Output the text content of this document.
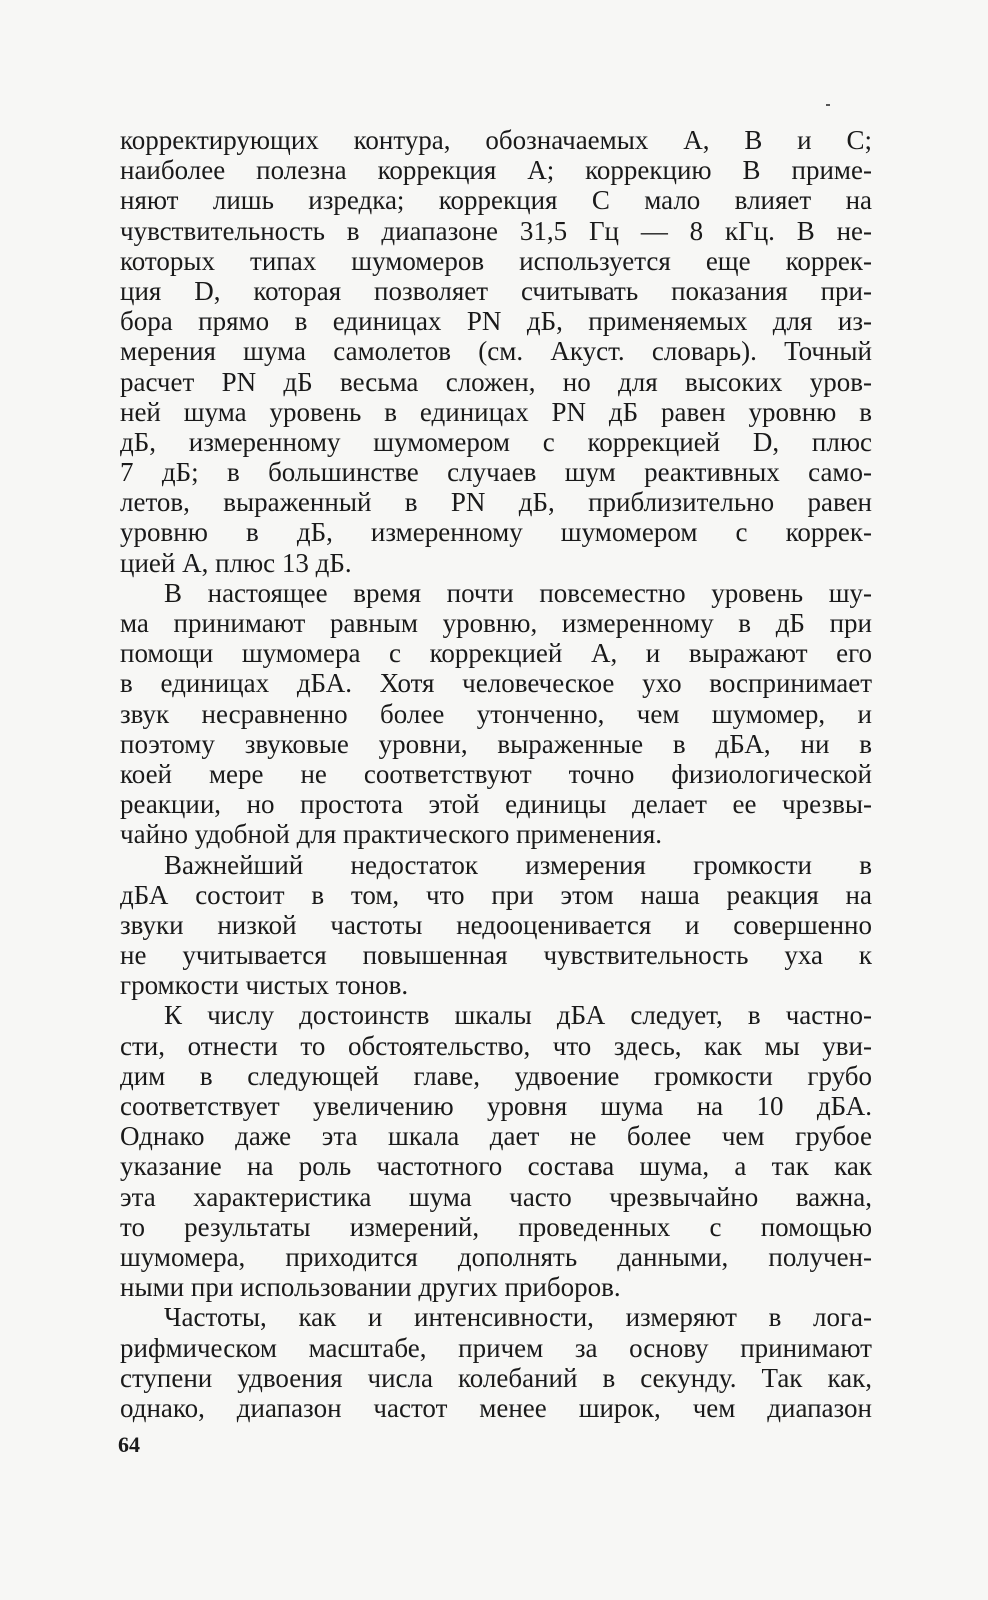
корректирующих контура, обозначаемых A, B и C;
наиболее полезна коррекция A; коррекцию B приме-
няют лишь изредка; коррекция C мало влияет на
чувствительность в диапазоне 31,5 Гц — 8 кГц. В не-
которых типах шумомеров используется еще коррек-
ция D, которая позволяет считывать показания при-
бора прямо в единицах PN дБ, применяемых для из-
мерения шума самолетов (см. Акуст. словарь). Точный
расчет PN дБ весьма сложен, но для высоких уров-
ней шума уровень в единицах PN дБ равен уровню в
дБ, измеренному шумомером с коррекцией D, плюс
7 дБ; в большинстве случаев шум реактивных само-
летов, выраженный в PN дБ, приблизительно равен
уровню в дБ, измеренному шумомером с коррек-
цией A, плюс 13 дБ.
В настоящее время почти повсеместно уровень шу-
ма принимают равным уровню, измеренному в дБ при
помощи шумомера с коррекцией A, и выражают его
в единицах дБА. Хотя человеческое ухо воспринимает
звук несравненно более утонченно, чем шумомер, и
поэтому звуковые уровни, выраженные в дБА, ни в
коей мере не соответствуют точно физиологической
реакции, но простота этой единицы делает ее чрезвы-
чайно удобной для практического применения.
Важнейший недостаток измерения громкости в
дБА состоит в том, что при этом наша реакция на
звуки низкой частоты недооценивается и совершенно
не учитывается повышенная чувствительность уха к
громкости чистых тонов.
К числу достоинств шкалы дБА следует, в частно-
сти, отнести то обстоятельство, что здесь, как мы уви-
дим в следующей главе, удвоение громкости грубо
соответствует увеличению уровня шума на 10 дБА.
Однако даже эта шкала дает не более чем грубое
указание на роль частотного состава шума, а так как
эта характеристика шума часто чрезвычайно важна,
то результаты измерений, проведенных с помощью
шумомера, приходится дополнять данными, получен-
ными при использовании других приборов.
Частоты, как и интенсивности, измеряют в лога-
рифмическом масштабе, причем за основу принимают
ступени удвоения числа колебаний в секунду. Так как,
однако, диапазон частот менее широк, чем диапазон
64
